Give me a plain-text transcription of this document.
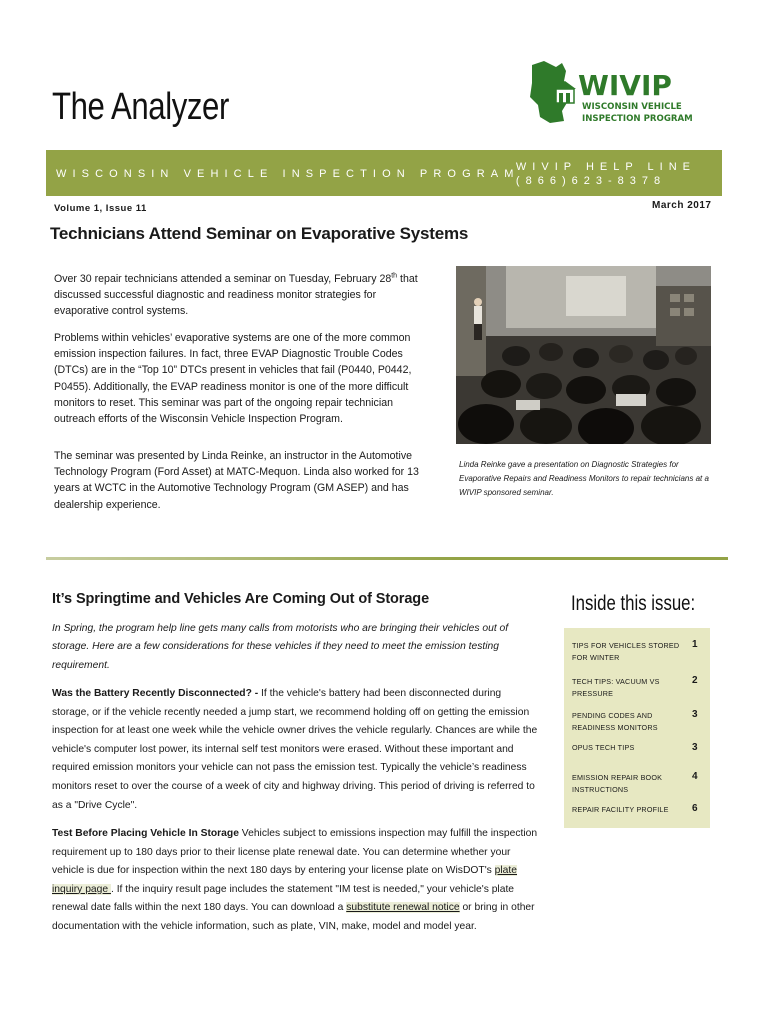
The Analyzer
WIVIP
WISCONSIN VEHICLE
INSPECTION PROGRAM
WISCONSIN VEHICLE INSPECTION PROGRAM
WIVIP HELP LINE
(866)623-8378
Volume 1, Issue 11	March 2017
Technicians Attend Seminar on Evaporative Systems
Over 30 repair technicians attended a seminar on Tuesday, February 28th that discussed successful diagnostic and readiness monitor strategies for evaporative control systems.
Problems within vehicles’ evaporative systems are one of the more common emission inspection failures. In fact, three EVAP Diagnostic Trouble Codes (DTCs) are in the “Top 10” DTCs present in vehicles that fail (P0440, P0442, P0455). Additionally, the EVAP readiness monitor is one of the more difficult monitors to reset. This seminar was part of the ongoing repair technician outreach efforts of the Wisconsin Vehicle Inspection Program.
The seminar was presented by Linda Reinke, an instructor in the Automotive Technology Program (Ford Asset) at MATC-Mequon. Linda also worked for 13 years at WCTC in the Automotive Technology Program (GM ASEP) and has dealership experience.
Linda Reinke gave a presentation on Diagnostic Strategies for Evaporative Repairs and Readiness Monitors to repair technicians at a WIVIP sponsored seminar.
It’s Springtime and Vehicles Are Coming Out of Storage
In Spring, the program help line gets many calls from motorists who are bringing their vehicles out of storage. Here are a few considerations for these vehicles if they need to meet the emission testing requirement.
Was the Battery Recently Disconnected? - If the vehicle's battery had been disconnected during storage, or if the vehicle recently needed a jump start, we recommend holding off on getting the emission inspection for at least one week while the vehicle owner drives the vehicle regularly. Chances are while the vehicle's computer lost power, its internal self test monitors were erased. Without these important and required emission monitors your vehicle can not pass the emission test. Typically the vehicle’s readiness monitors reset to over the course of a week of city and highway driving. This period of driving is referred to as a "Drive Cycle".
Test Before Placing Vehicle In Storage Vehicles subject to emissions inspection may fulfill the inspection requirement up to 180 days prior to their license plate renewal date. You can determine whether your vehicle is due for inspection within the next 180 days by entering your license plate on WisDOT's plate inquiry page . If the inquiry result page includes the statement "IM test is needed," your vehicle's plate renewal date falls within the next 180 days. You can download a substitute renewal notice or bring in other documentation with the vehicle information, such as plate, VIN, make, model and model year.
Inside this issue:
TIPS FOR VEHICLES STORED FOR WINTER
1
TECH TIPS: VACUUM VS PRESSURE
2
PENDING CODES AND READINESS MONITORS
3
OPUS TECH TIPS	3
EMISSION REPAIR BOOK INSTRUCTIONS
4
REPAIR FACILITY PROFILE	6
